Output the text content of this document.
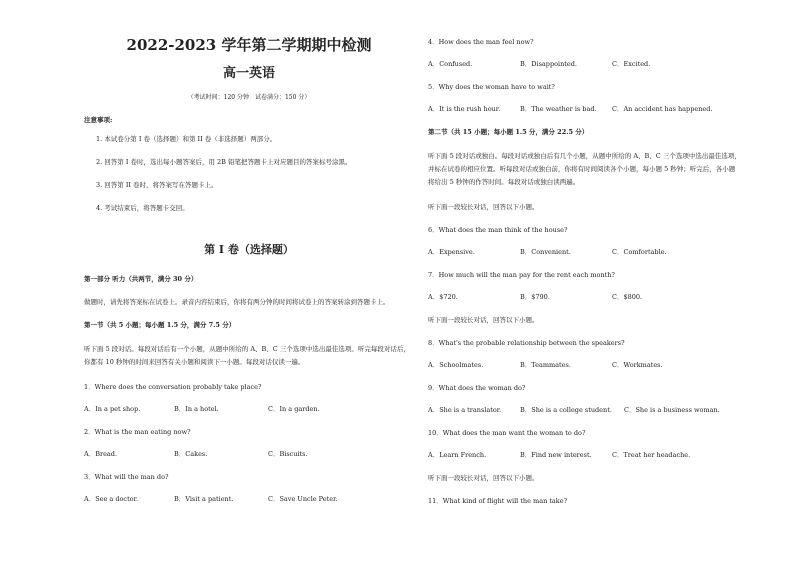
2022-2023 学年第二学期期中检测
高一英语
（考试时间：120 分钟　试卷满分：150 分）
注意事项:
1. 本试卷分第 I 卷（选择题）和第 II 卷（非选择题）两部分。
2. 回答第 I 卷时，选出每小题答案后，用 2B 铅笔把答题卡上对应题目的答案标号涂黑。
3. 回答第 II 卷时，将答案写在答题卡上。
4. 考试结束后，将答题卡交回。
第 I 卷（选择题）
第一部分 听力（共两节，满分 30 分）
做题时，请先将答案标在试卷上。录音内容结束后，你将有两分钟的时间将试卷上的答案转涂到答题卡上。
第一节（共 5 小题；每小题 1.5 分，满分 7.5 分）
听下面 5 段对话。每段对话后有一个小题，从题中所给的 A、B、C 三个选项中选出最佳选项。听完每段对话后，
你都有 10 秒钟的时间来回答有关小题和阅读下一小题。每段对话仅读一遍。
1．Where does the conversation probably take place?
A．In a pet shop.	B．In a hotel.	C．In a garden.
2．What is the man eating now?
A．Bread.	B．Cakes.	C．Biscuits.
3．What will the man do?
A．See a doctor.	B．Visit a patient.	C．Save Uncle Peter.
4．How does the man feel now?
A．Confused.	B．Disappointed.	C．Excited.
5．Why does the woman have to wait?
A．It is the rush hour.	B．The weather is bad.	C．An accident has happened.
第二节（共 15 小题；每小题 1.5 分，满分 22.5 分）
听下面 5 段对话或独白。每段对话或独白后有几个小题，从题中所给的 A、B、C 三个选项中选出最佳选项，
并标在试卷的相应位置。听每段对话或独白前，你将有时间阅读各个小题，每小题 5 秒钟；听完后，各小题
将给出 5 秒钟的作答时间。每段对话或独白读两遍。
听下面一段较长对话，回答以下小题。
6．What does the man think of the house?
A．Expensive.	B．Convenient.	C．Comfortable.
7．How much will the man pay for the rent each month?
A．$720.	B．$790.	C．$800.
听下面一段较长对话，回答以下小题。
8．What's the probable relationship between the speakers?
A．Schoolmates.	B．Teammates.	C．Workmates.
9．What does the woman do?
A．She is a translator.	B．She is a college student.	C．She is a business woman.
10．What does the man want the woman to do?
A．Learn French.	B．Find new interest.	C．Treat her headache.
听下面一段较长对话，回答以下小题。
11．What kind of flight will the man take?
